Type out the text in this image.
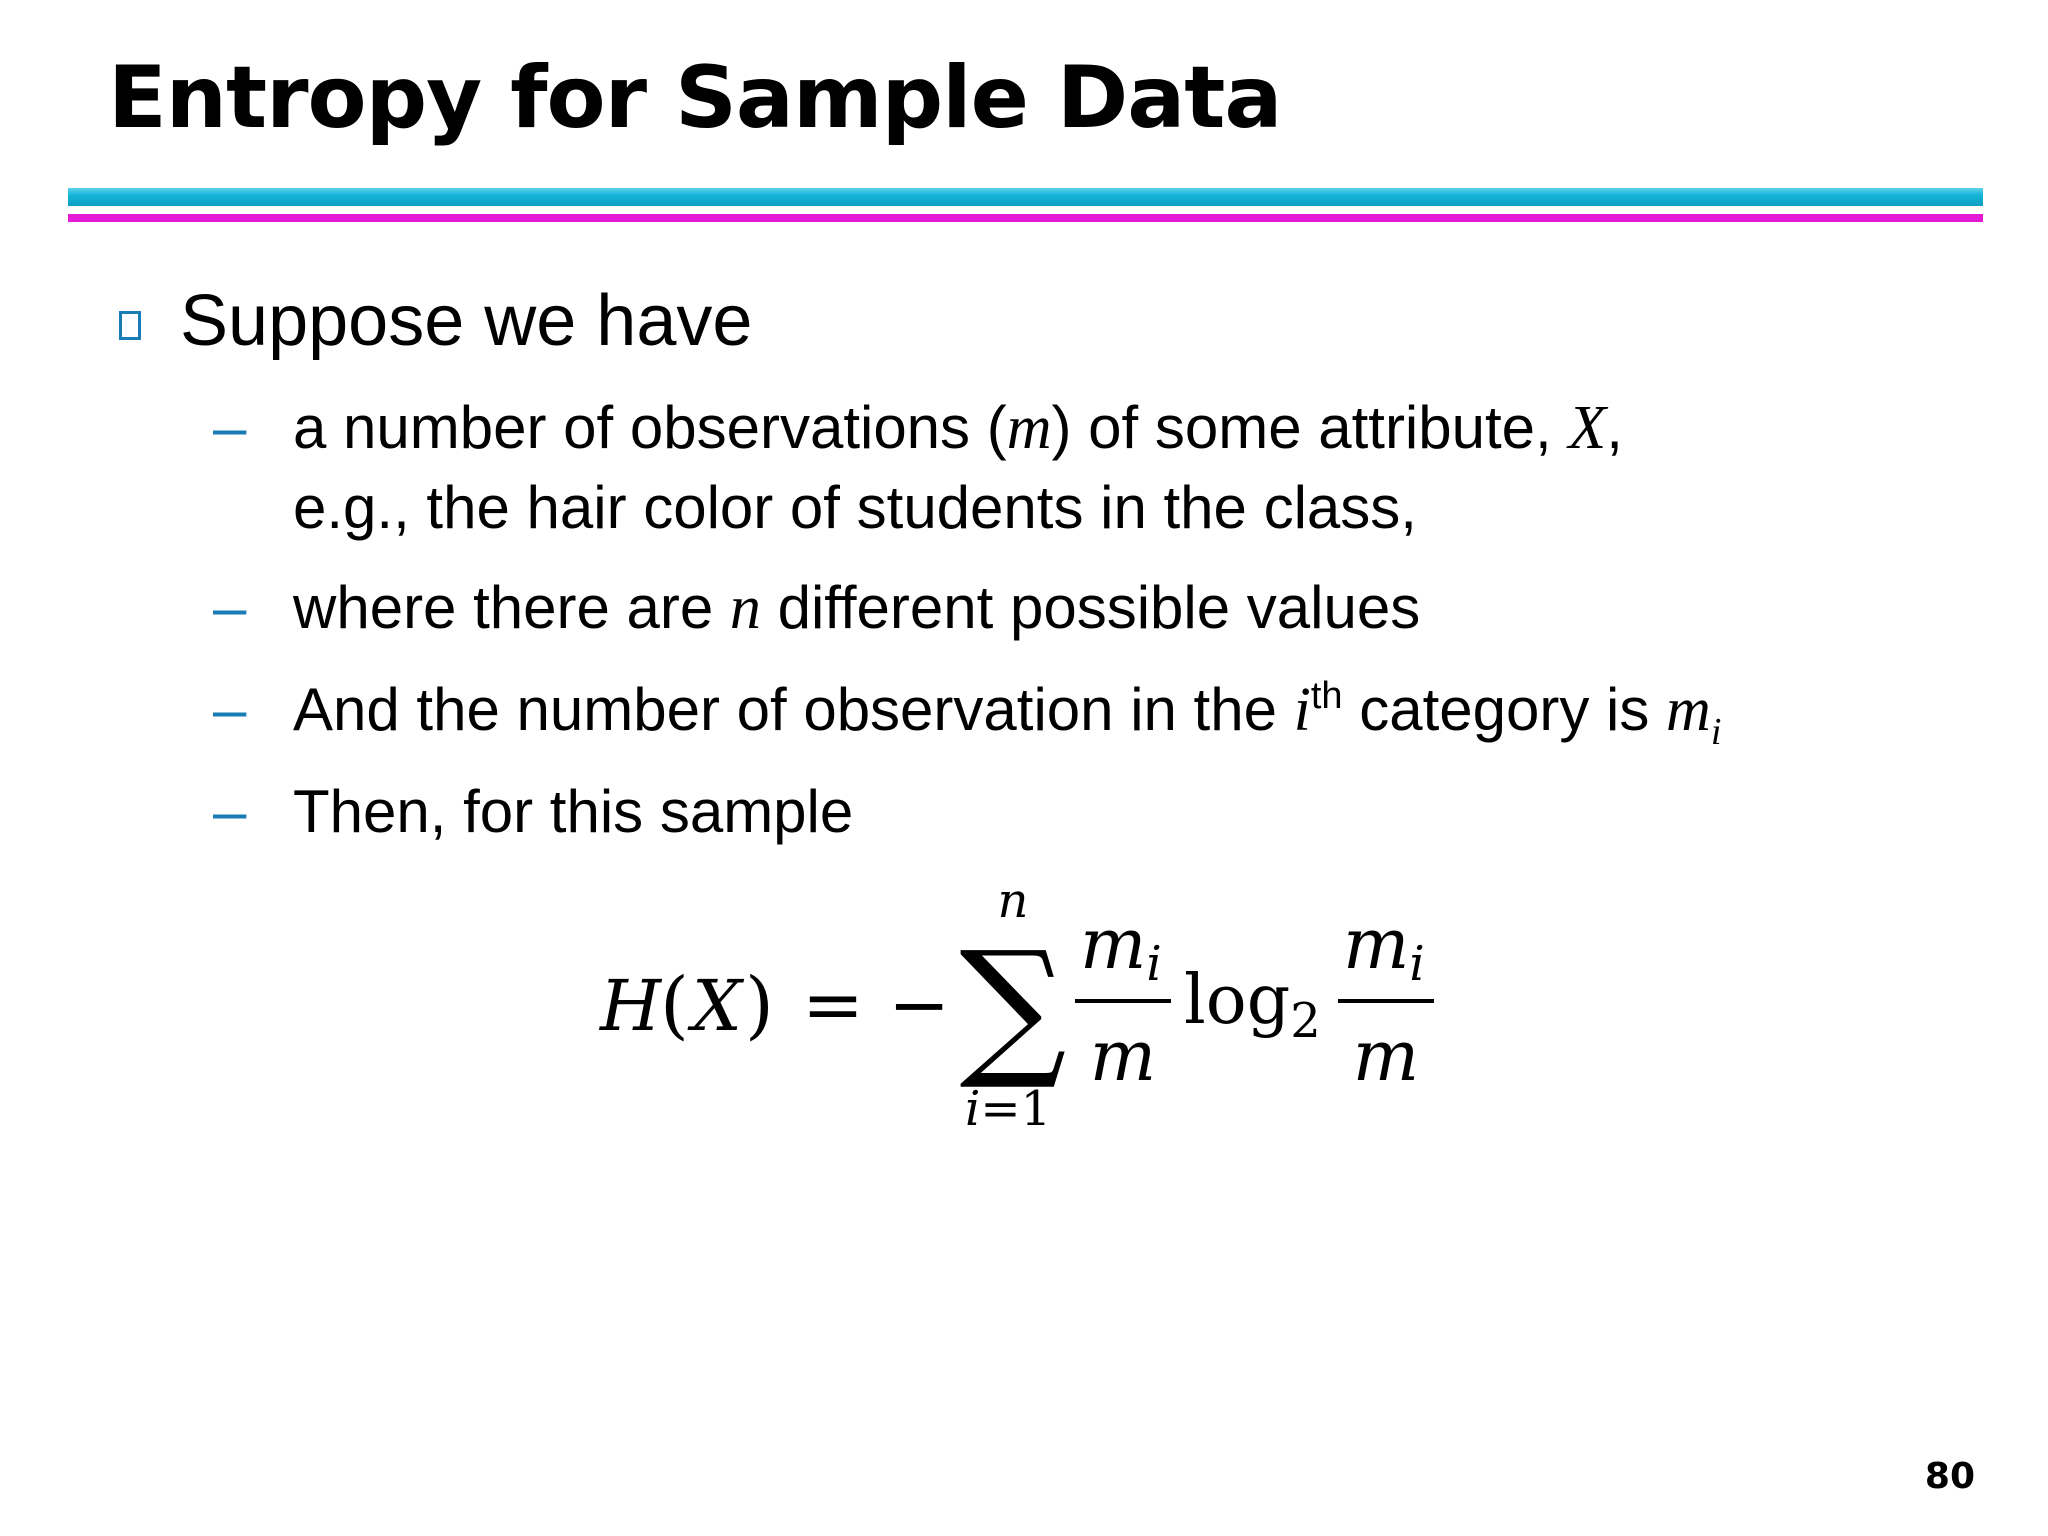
Entropy for Sample Data
Suppose we have
– a number of observations (m) of some attribute, X,
e.g., the hair color of students in the class,
– where there are n different possible values
– And the number of observation in the $i^{th}$ category is $m_i$
– Then, for this sample
H
( X ) = −
n
∑
i=1
mi
m
$\log_2$
mi
m
80
